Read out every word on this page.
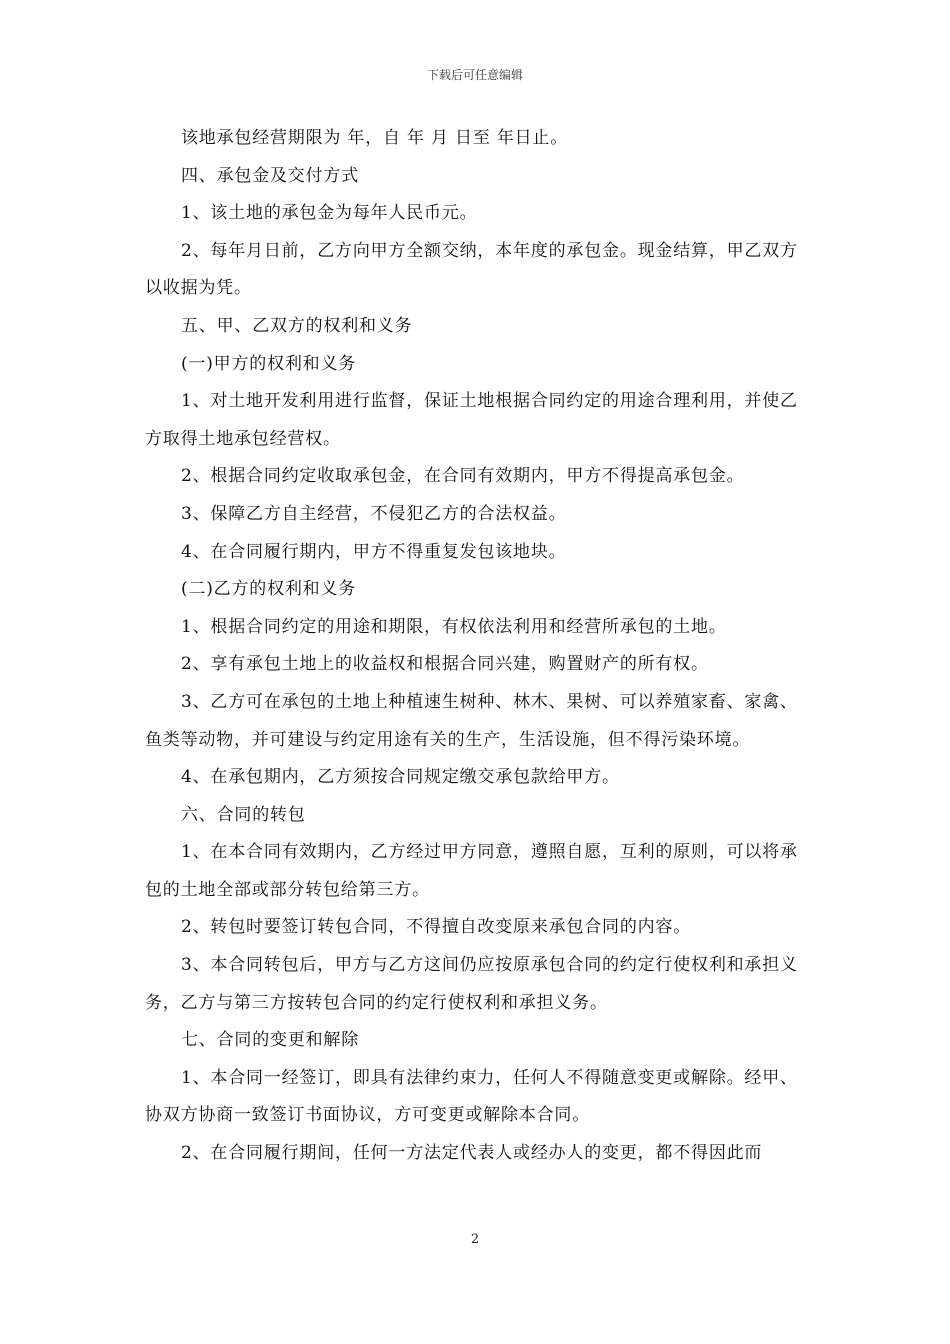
下载后可任意编辑

该地承包经营期限为 年，自 年 月 日至 年日止。

四、承包金及交付方式

1、该土地的承包金为每年人民币元。

2、每年月日前，乙方向甲方全额交纳，本年度的承包金。现金结算，甲乙双方以收据为凭。

五、甲、乙双方的权利和义务

(一)甲方的权利和义务

1、对土地开发利用进行监督，保证土地根据合同约定的用途合理利用，并使乙方取得土地承包经营权。

2、根据合同约定收取承包金，在合同有效期内，甲方不得提高承包金。

3、保障乙方自主经营，不侵犯乙方的合法权益。

4、在合同履行期内，甲方不得重复发包该地块。

(二)乙方的权利和义务

1、根据合同约定的用途和期限，有权依法利用和经营所承包的土地。

2、享有承包土地上的收益权和根据合同兴建，购置财产的所有权。

3、乙方可在承包的土地上种植速生树种、林木、果树、可以养殖家畜、家禽、鱼类等动物，并可建设与约定用途有关的生产，生活设施，但不得污染环境。

4、在承包期内，乙方须按合同规定缴交承包款给甲方。

六、合同的转包

1、在本合同有效期内，乙方经过甲方同意，遵照自愿，互利的原则，可以将承包的土地全部或部分转包给第三方。

2、转包时要签订转包合同，不得擅自改变原来承包合同的内容。

3、本合同转包后，甲方与乙方这间仍应按原承包合同的约定行使权利和承担义务，乙方与第三方按转包合同的约定行使权利和承担义务。

七、合同的变更和解除

1、本合同一经签订，即具有法律约束力，任何人不得随意变更或解除。经甲、协双方协商一致签订书面协议，方可变更或解除本合同。

2、在合同履行期间，任何一方法定代表人或经办人的变更，都不得因此而

2
